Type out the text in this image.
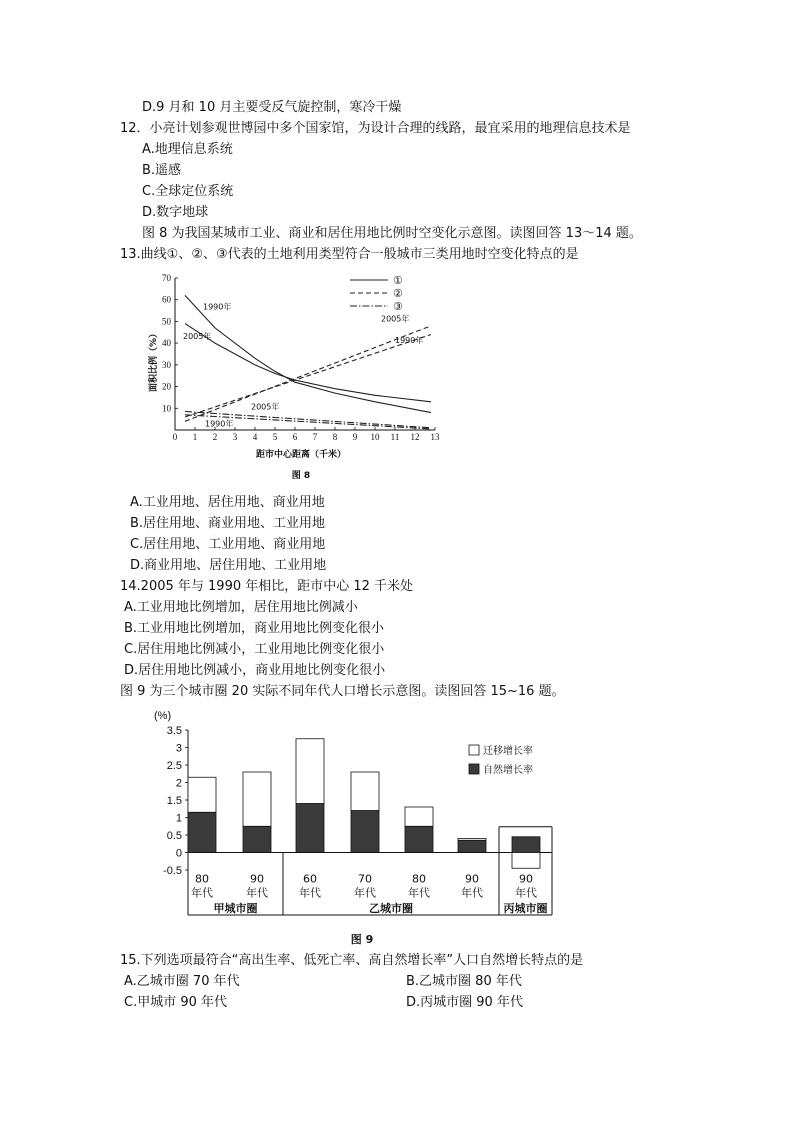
D.9 月和 10 月主要受反气旋控制，寒冷干燥
12．小亮计划参观世博园中多个国家馆，为设计合理的线路，最宜采用的地理信息技术是
A.地理信息系统
B.遥感
C.全球定位系统
D.数字地球
图 8 为我国某城市工业、商业和居住用地比例时空变化示意图。读图回答 13～14 题。
13.曲线①、②、③代表的土地利用类型符合一般城市三类用地时空变化特点的是
0 1 2 3 4 5 6 7 8 9 10 11 12 13
10
20
30
40
50
60
70
1990年
2005年
2005年
1990年
2005年
1990年
①
②
③
面积比例（%）
距市中心距离（千米）
图 8
A.工业用地、居住用地、商业用地
B.居住用地、商业用地、工业用地
C.居住用地、工业用地、商业用地
D.商业用地、居住用地、工业用地
14.2005 年与 1990 年相比，距市中心 12 千米处
A.工业用地比例增加，居住用地比例减小
B.工业用地比例增加，商业用地比例变化很小
C.居住用地比例减小，工业用地比例变化很小
D.居住用地比例减小，商业用地比例变化很小
图 9 为三个城市圈 20 实际不同年代人口增长示意图。读图回答 15~16 题。
3.5
3
2.5
2
1.5
1
0.5
0
-0.5
80
年代
90
年代
甲城市圈
60
年代
70
年代
80
年代
90
年代
乙城市圈
90
年代
丙城市圈
迁移增长率
自然增长率
(%)
图 9
15.下列选项最符合“高出生率、低死亡率、高自然增长率”人口自然增长特点的是
A.乙城市圈 70 年代	B.乙城市圈 80 年代
C.甲城市 90 年代	D.丙城市圈 90 年代
